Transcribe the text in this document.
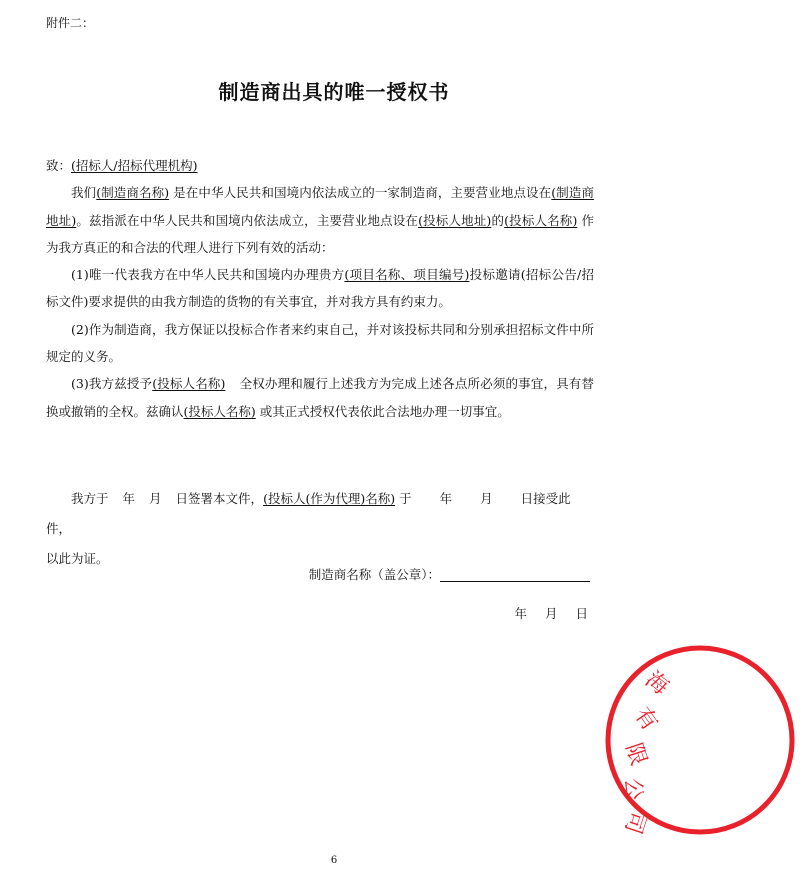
附件二：
制造商出具的唯一授权书

致：(招标人/招标代理机构)

我们(制造商名称) 是在中华人民共和国境内依法成立的一家制造商，主要营业地点设在(制造商地址)。兹指派在中华人民共和国境内依法成立，主要营业地点设在(投标人地址)的(投标人名称) 作为我方真正的和合法的代理人进行下列有效的活动：

(1)唯一代表我方在中华人民共和国境内办理贵方(项目名称、项目编号)投标邀请(招标公告/招标文件)要求提供的由我方制造的货物的有关事宜，并对我方具有约束力。

(2)作为制造商，我方保证以投标合作者来约束自己，并对该投标共同和分别承担招标文件中所规定的义务。

(3)我方兹授予(投标人名称) 全权办理和履行上述我方为完成上述各点所必须的事宜，具有替换或撤销的全权。兹确认(投标人名称) 或其正式授权代表依此合法地办理一切事宜。

我方于 年 月 日签署本文件，(投标人(作为代理)名称) 于 年 月 日接受此件，

以此为证。

制造商名称（盖公章）：
年 月 日
海
有
限
公
司
6
